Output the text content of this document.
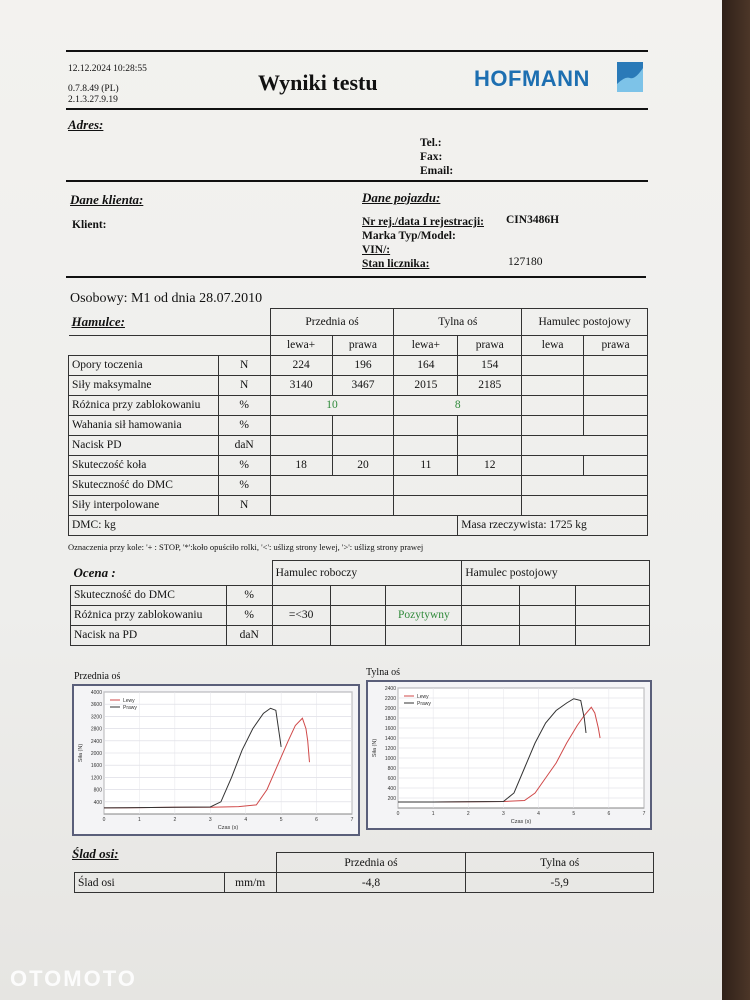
12.12.2024 10:28:55
0.7.8.49 (PL)
2.1.3.27.9.19
Wyniki testu	HOFMANN
Adres:
Tel.:
Fax:
Email:
Dane klienta:
Klient:
Dane pojazdu:
Nr rej./data I rejestracji: CIN3486H
Marka Typ/Model:
VIN/:
Stan licznika:	127180
Osobowy: M1 od dnia 28.07.2010
Hamulce:		Przednia oś		Tylna oś		Hamulec postojowy	
		lewa+	prawa	lewa+	prawa	lewa	prawa
Opory toczenia	N	224	196	164	154		
Siły maksymalne	N	3140	3467	2015	2185		
Różnica przy zablokowaniu	%	10		8			
Wahania sił hamowania	%						
Nacisk PD	daN						
Skuteczość koła	%	18	20	11	12		
Skuteczność do DMC	%						
Siły interpolowane	N						
DMC: kg					Masa rzeczywista: 1725 kg		
Oznaczenia przy kole: '+ : STOP, '*':koło opuściło rolki, '<': uślizg strony lewej, '>': uślizg strony prawej
Ocena :		Hamulec roboczy			Hamulec postojowy		
Skuteczność do DMC	%						
Różnica przy zablokowaniu	%	=<30		Pozytywny			
Nacisk na PD	daN						
Przednia oś	Tylna oś
400
800
1200
1600
2000
2400
2800
3200
3600
4000
0	1	2	3	4	5	6	7
Czas (s)
Siła (N)
Lewy
Prawy
200
400
600
800
1000
1200
1400
1600
1800
2000
2200
2400
0	1	2	3	4	5	6	7
Czas (s)
Siła (N)
Lewy
Prawy
Ślad osi:
		Przednia oś	Tylna oś
Ślad osi	mm/m	-4,8	-5,9
OTOMOTO
